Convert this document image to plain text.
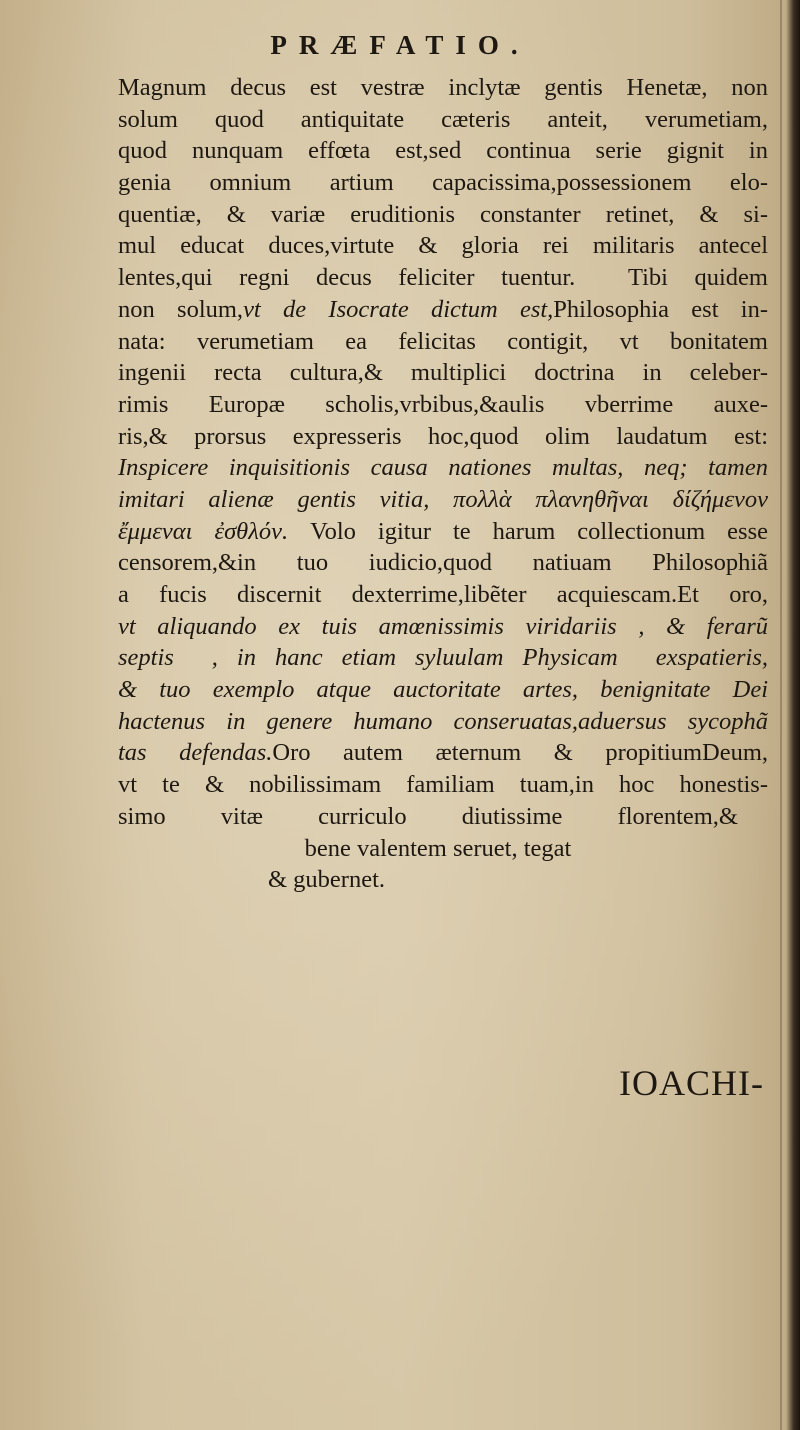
PRÆFATIO.
Magnum decus est vestræ inclytæ gentis Henetæ, non
solum quod antiquitate cæteris anteit, verumetiam,
quod nunquam effœta est,sed continua serie gignit in
genia omnium artium capacissima,possessionem elo-
quentiæ, & variæ eruditionis constanter retinet, & si-
mul educat duces,virtute & gloria rei militaris antecel
lentes,qui regni decus feliciter tuentur.  Tibi quidem
non solum,vt de Isocrate dictum est,Philosophia est in-
nata: verumetiam ea felicitas contigit, vt bonitatem
ingenii recta cultura,& multiplici doctrina in celeber-
rimis Europæ scholis,vrbibus,&aulis vberrime auxe-
ris,& prorsus expresseris hoc,quod olim laudatum est:
Inspicere inquisitionis causa nationes multas, neq; tamen
imitari alienæ gentis vitia, πολλὰ πλανηθῆναι δίζήμενον
ἔμμεναι ἐσθλόν. Volo igitur te harum collectionum esse
censorem,&in tuo iudicio,quod natiuam Philosophiã
a fucis discernit dexterrime,libẽter acquiescam.Et oro,
vt aliquando ex tuis amœnissimis viridariis , & ferarũ
septis  , in hanc etiam syluulam Physicam  exspatieris,
& tuo exemplo atque auctoritate artes, benignitate Dei
hactenus in genere humano conseruatas,aduersus sycophã
tas defendas.Oro autem æternum & propitiumDeum,
vt te & nobilissimam familiam tuam,in hoc honestis-
simo vitæ curriculo diutissime florentem,&
bene valentem seruet, tegat
& gubernet.
IOACHI-
